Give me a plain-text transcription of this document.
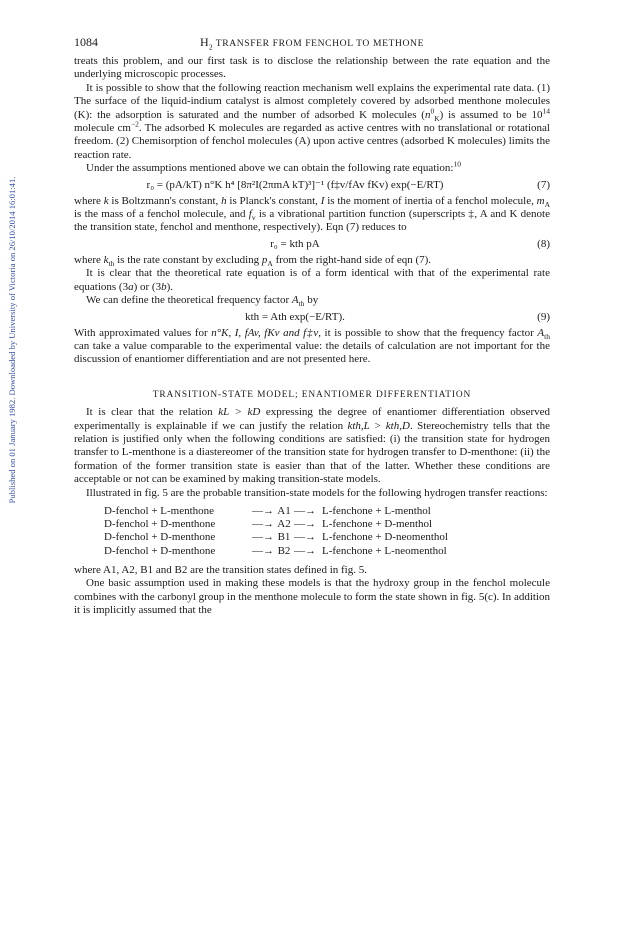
Published on 01 January 1982. Downloaded by University of Victoria on 26/10/2014 16:01:41.
1084	$H_2$ TRANSFER FROM FENCHOL TO METHONE

treats this problem, and our first task is to disclose the relationship between the rate equation and the underlying microscopic processes.

It is possible to show that the following reaction mechanism well explains the experimental rate data. (1) The surface of the liquid-indium catalyst is almost completely covered by adsorbed menthone molecules (K): the adsorption is saturated and the number of adsorbed K molecules $(n^0_K)$ is assumed to be $10^{14}$ molecule $cm^{-2}$. The adsorbed K molecules are regarded as active centres with no translational or rotational freedom. (2) Chemisorption of fenchol molecules (A) upon active centres (adsorbed K molecules) limits the reaction rate.

Under the assumptions mentioned above we can obtain the following rate equation:$^{10}$

r₀ = (pA/kT) n°K h⁴ [8π²I(2πmA kT)³]⁻¹ (f‡v/fAv fKv) exp(−E/RT)	(7)

where k is Boltzmann's constant, h is Planck's constant, I is the moment of inertia of a fenchol molecule, $m_A$ is the mass of a fenchol molecule, and $f_v$ is a vibrational partition function (superscripts ‡, A and K denote the transition state, fenchol and menthone, respectively). Eqn (7) reduces to

r₀ = kth pA	(8)

where $k_{th}$ is the rate constant by excluding $p_A$ from the right-hand side of eqn (7).

It is clear that the theoretical rate equation is of a form identical with that of the experimental rate equations (3a) or (3b).

We can define the theoretical frequency factor $A_{th}$ by

kth = Ath exp(−E/RT).	(9)

With approximated values for n°K, I, fAv, fKv and f‡v, it is possible to show that the frequency factor $A_{th}$ can take a value comparable to the experimental value: the details of calculation are not important for the discussion of enantiomer differentiation and are not presented here.

TRANSITION-STATE MODEL; ENANTIOMER DIFFERENTIATION

It is clear that the relation kL > kD expressing the degree of enantiomer differentiation observed experimentally is explainable if we can justify the relation kth,L > kth,D. Stereochemistry tells that the relation is justified only when the following conditions are satisfied: (i) the transition state for hydrogen transfer to L-menthone is a diastereomer of the transition state for hydrogen transfer to D-menthone: (ii) the formation of the former transition state is easier than that of the latter. Whether these conditions are acceptable or not can be examined by making transition-state models.

Illustrated in fig. 5 are the probable transition-state models for the following hydrogen transfer reactions:

D-fenchol + L-menthone	—→ A1 —→ L-fenchone + L-menthol
D-fenchol + D-menthone	—→ A2 —→ L-fenchone + D-menthol
D-fenchol + D-menthone	—→ B1 —→ L-fenchone + D-neomenthol
D-fenchol + D-menthone	—→ B2 —→ L-fenchone + L-neomenthol

where A1, A2, B1 and B2 are the transition states defined in fig. 5.

One basic assumption used in making these models is that the hydroxy group in the fenchol molecule combines with the carbonyl group in the menthone molecule to form the state shown in fig. 5(c). In addition it is implicitly assumed that the
